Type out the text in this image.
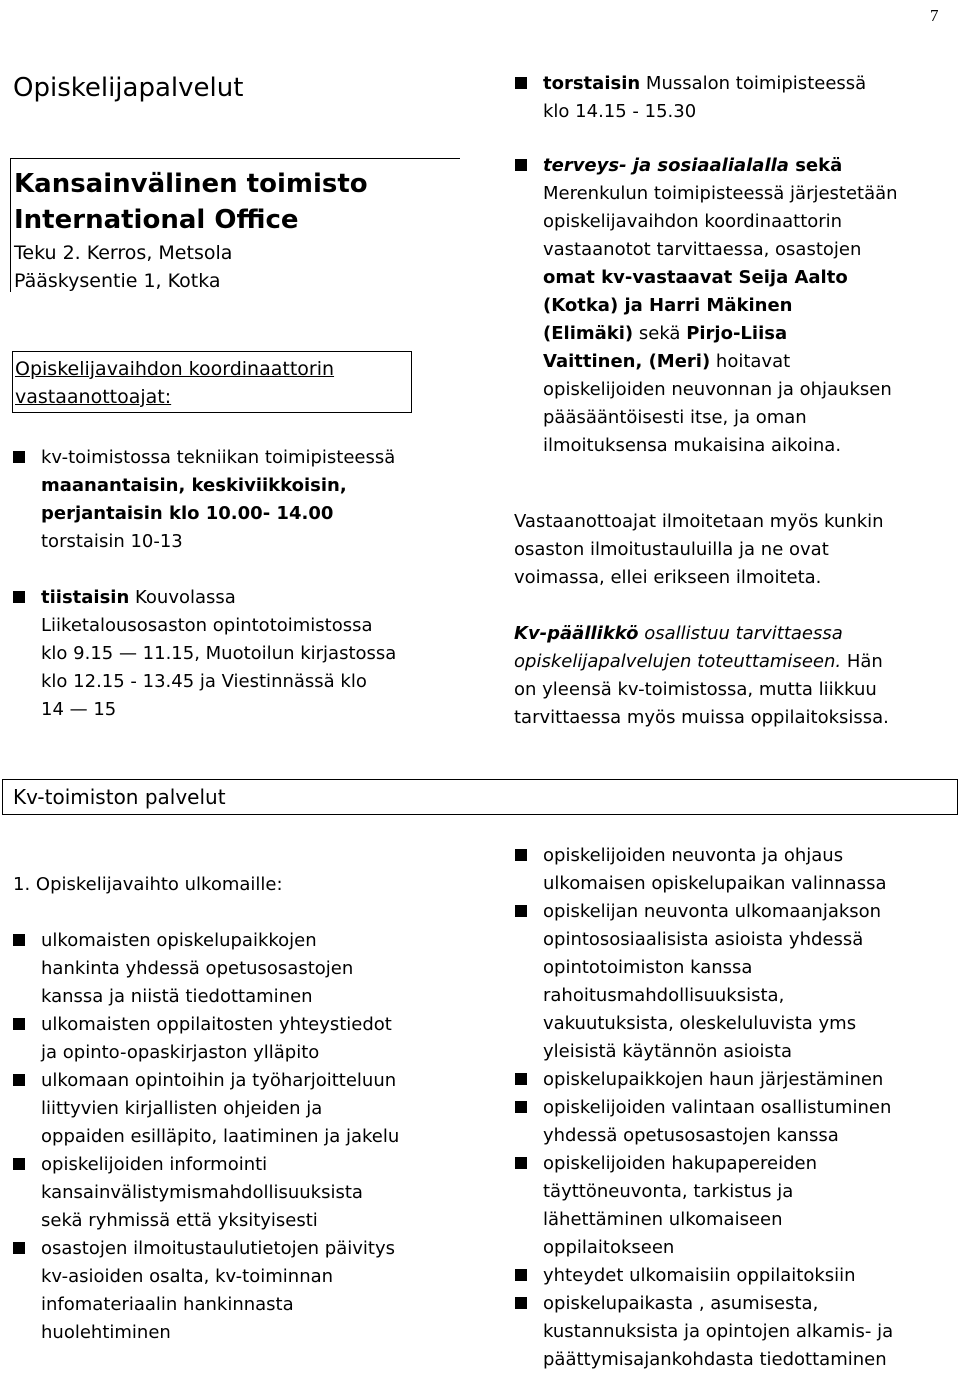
7
Opiskelijapalvelut
Kansainvälinen toimisto
International Office
Teku 2. Kerros, Metsola
Pääskysentie 1, Kotka
Opiskelijavaihdon koordinaattorin
vastaanottoajat:
kv-toimistossa tekniikan toimipisteessä
maanantaisin, keskiviikkoisin,
perjantaisin klo 10.00- 14.00
torstaisin 10-13
tiistaisin Kouvolassa
Liiketalousosaston opintotoimistossa
klo 9.15 — 11.15, Muotoilun kirjastossa
klo 12.15 - 13.45 ja Viestinnässä klo
14 — 15
torstaisin Mussalon toimipisteessä
klo 14.15 - 15.30
terveys- ja sosiaalialalla sekä
Merenkulun toimipisteessä järjestetään
opiskelijavaihdon koordinaattorin
vastaanotot tarvittaessa, osastojen
omat kv-vastaavat Seija Aalto
(Kotka) ja Harri Mäkinen
(Elimäki) sekä Pirjo-Liisa
Vaittinen, (Meri) hoitavat
opiskelijoiden neuvonnan ja ohjauksen
pääsääntöisesti itse, ja oman
ilmoituksensa mukaisina aikoina.
Vastaanottoajat ilmoitetaan myös kunkin
osaston ilmoitustauluilla ja ne ovat
voimassa, ellei erikseen ilmoiteta.
Kv-päällikkö osallistuu tarvittaessa
opiskelijapalvelujen toteuttamiseen. Hän
on yleensä kv-toimistossa, mutta liikkuu
tarvittaessa myös muissa oppilaitoksissa.
Kv-toimiston palvelut
1. Opiskelijavaihto ulkomaille:
ulkomaisten opiskelupaikkojen
hankinta yhdessä opetusosastojen
kanssa ja niistä tiedottaminen
ulkomaisten oppilaitosten yhteystiedot
ja opinto-opaskirjaston ylläpito
ulkomaan opintoihin ja työharjoitteluun
liittyvien kirjallisten ohjeiden ja
oppaiden esilläpito, laatiminen ja jakelu
opiskelijoiden informointi
kansainvälistymismahdollisuuksista
sekä ryhmissä että yksityisesti
osastojen ilmoitustaulutietojen päivitys
kv-asioiden osalta, kv-toiminnan
infomateriaalin hankinnasta
huolehtiminen
opiskelijoiden neuvonta ja ohjaus
ulkomaisen opiskelupaikan valinnassa
opiskelijan neuvonta ulkomaanjakson
opintososiaalisista asioista yhdessä
opintotoimiston kanssa
rahoitusmahdollisuuksista,
vakuutuksista, oleskeluluvista yms
yleisistä käytännön asioista
opiskelupaikkojen haun järjestäminen
opiskelijoiden valintaan osallistuminen
yhdessä opetusosastojen kanssa
opiskelijoiden hakupapereiden
täyttöneuvonta, tarkistus ja
lähettäminen ulkomaiseen
oppilaitokseen
yhteydet ulkomaisiin oppilaitoksiin
opiskelupaikasta , asumisesta,
kustannuksista ja opintojen alkamis- ja
päättymisajankohdasta tiedottaminen
